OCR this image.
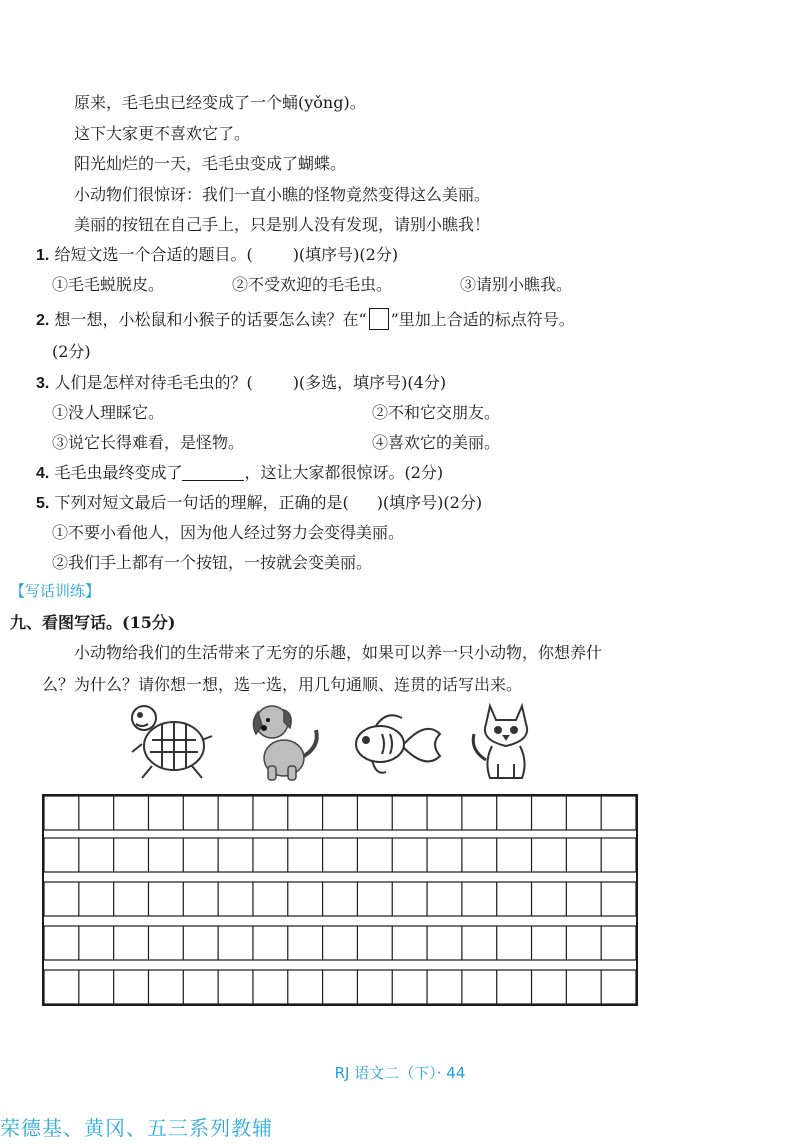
原来，毛毛虫已经变成了一个蛹(yǒng)。
这下大家更不喜欢它了。
阳光灿烂的一天，毛毛虫变成了蝴蝶。
小动物们很惊讶：我们一直小瞧的怪物竟然变得这么美丽。
美丽的按钮在自己手上，只是别人没有发现，请别小瞧我！
1. 给短文选一个合适的题目。(	)(填序号)(2分)
①毛毛蜕脱皮。	②不受欢迎的毛毛虫。	③请别小瞧我。
2. 想一想，小松鼠和小猴子的话要怎么读？在“ ”里加上合适的标点符号。
(2分)
3. 人们是怎样对待毛毛虫的？(	)(多选，填序号)(4分)
①没人理睬它。	②不和它交朋友。
③说它长得难看，是怪物。	④喜欢它的美丽。
4. 毛毛虫最终变成了	，这让大家都很惊讶。(2分)
5. 下列对短文最后一句话的理解，正确的是( )(填序号)(2分)
①不要小看他人，因为他人经过努力会变得美丽。
②我们手上都有一个按钮，一按就会变美丽。
【写话训练】
九、看图写话。(15分)
小动物给我们的生活带来了无穷的乐趣，如果可以养一只小动物，你想养什
么？为什么？请你想一想，选一选，用几句通顺、连贯的话写出来。
RJ 语文二（下）· 44
荣德基、黄冈、五三系列教辅
